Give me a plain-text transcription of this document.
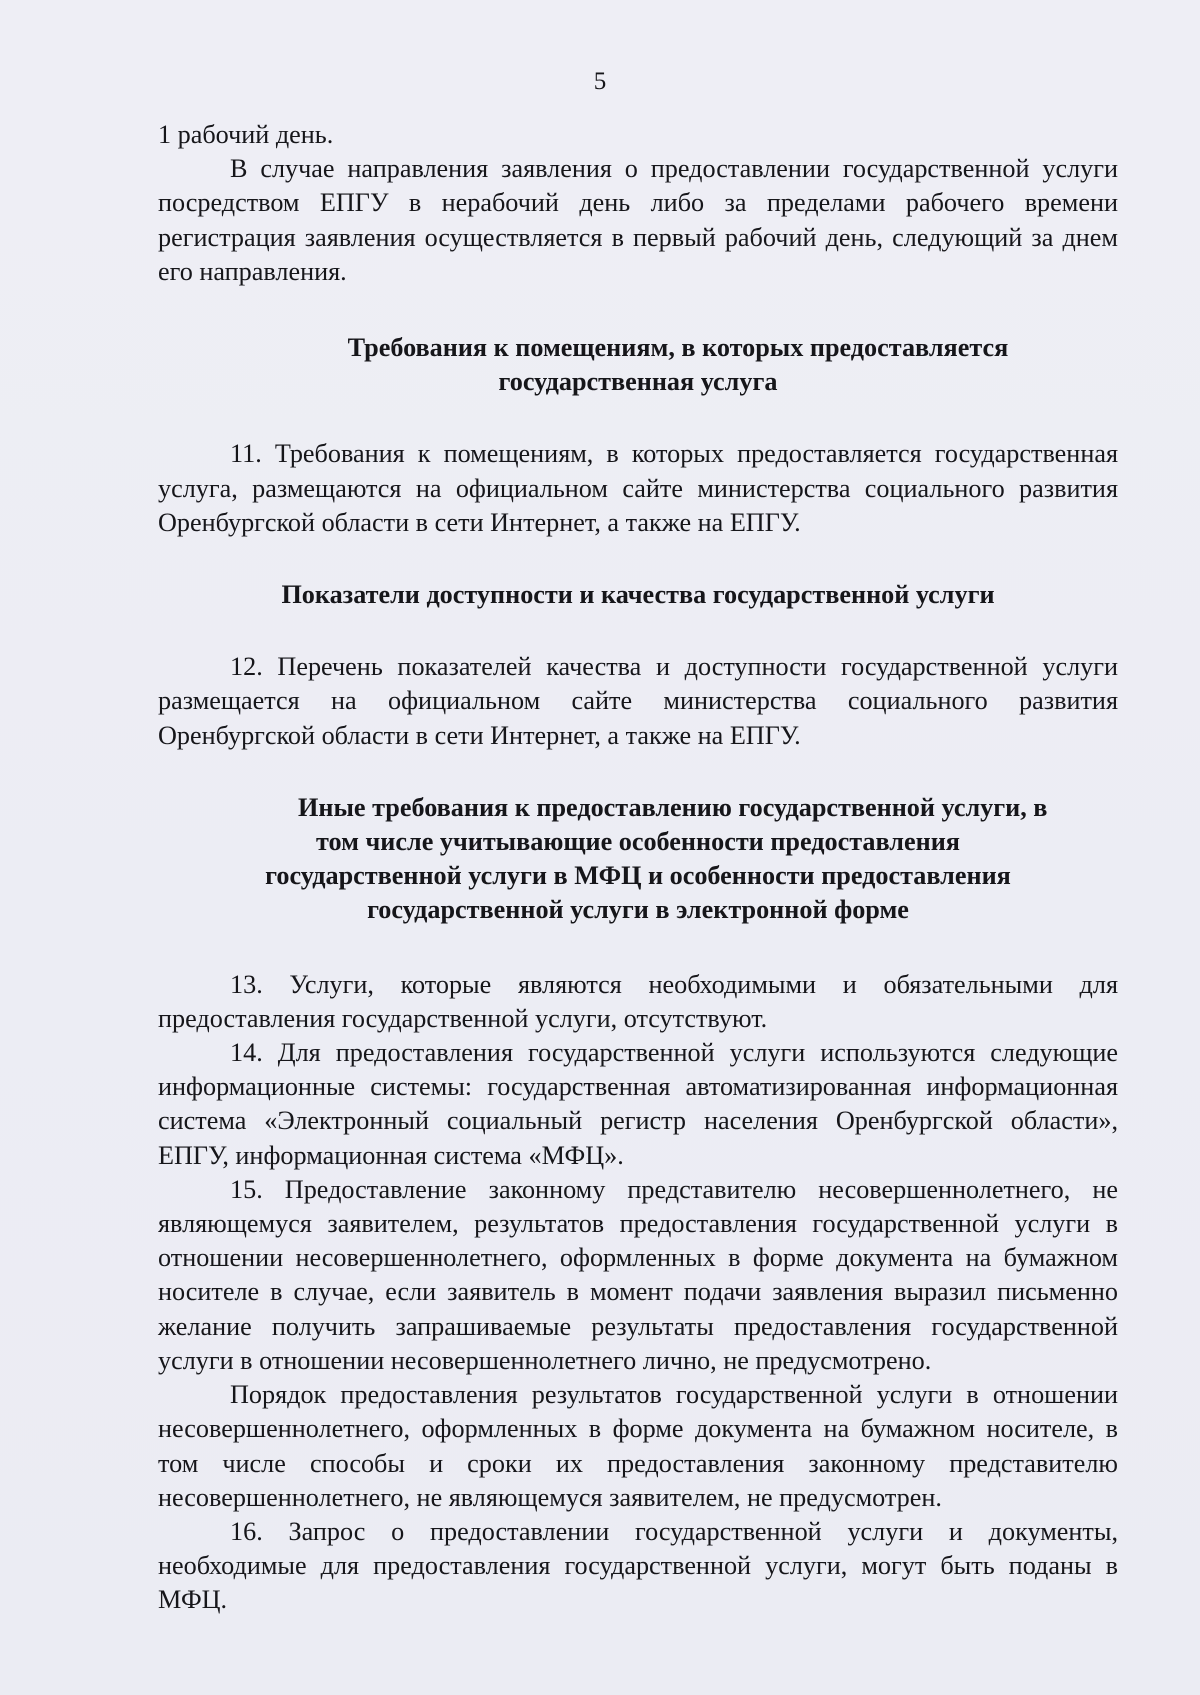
5

1 рабочий день.

В случае направления заявления о предоставлении государственной услуги посредством ЕПГУ в нерабочий день либо за пределами рабочего времени регистрация заявления осуществляется в первый рабочий день, следующий за днем его направления.

Требования к помещениям, в которых предоставляется
государственная услуга

11. Требования к помещениям, в которых предоставляется государственная услуга, размещаются на официальном сайте министерства социального развития Оренбургской области в сети Интернет, а также на ЕПГУ.

Показатели доступности и качества государственной услуги

12. Перечень показателей качества и доступности государственной услуги размещается на официальном сайте министерства социального развития Оренбургской области в сети Интернет, а также на ЕПГУ.

Иные требования к предоставлению государственной услуги, в
том числе учитывающие особенности предоставления
государственной услуги в МФЦ и особенности предоставления
государственной услуги в электронной форме

13. Услуги, которые являются необходимыми и обязательными для предоставления государственной услуги, отсутствуют.

14. Для предоставления государственной услуги используются следующие информационные системы: государственная автоматизированная информационная система «Электронный социальный регистр населения Оренбургской области», ЕПГУ, информационная система «МФЦ».

15. Предоставление законному представителю несовершеннолетнего, не являющемуся заявителем, результатов предоставления государственной услуги в отношении несовершеннолетнего, оформленных в форме документа на бумажном носителе в случае, если заявитель в момент подачи заявления выразил письменно желание получить запрашиваемые результаты предоставления государственной услуги в отношении несовершеннолетнего лично, не предусмотрено.

Порядок предоставления результатов государственной услуги в отношении несовершеннолетнего, оформленных в форме документа на бумажном носителе, в том числе способы и сроки их предоставления законному представителю несовершеннолетнего, не являющемуся заявителем, не предусмотрен.

16. Запрос о предоставлении государственной услуги и документы, необходимые для предоставления государственной услуги, могут быть поданы в МФЦ.
